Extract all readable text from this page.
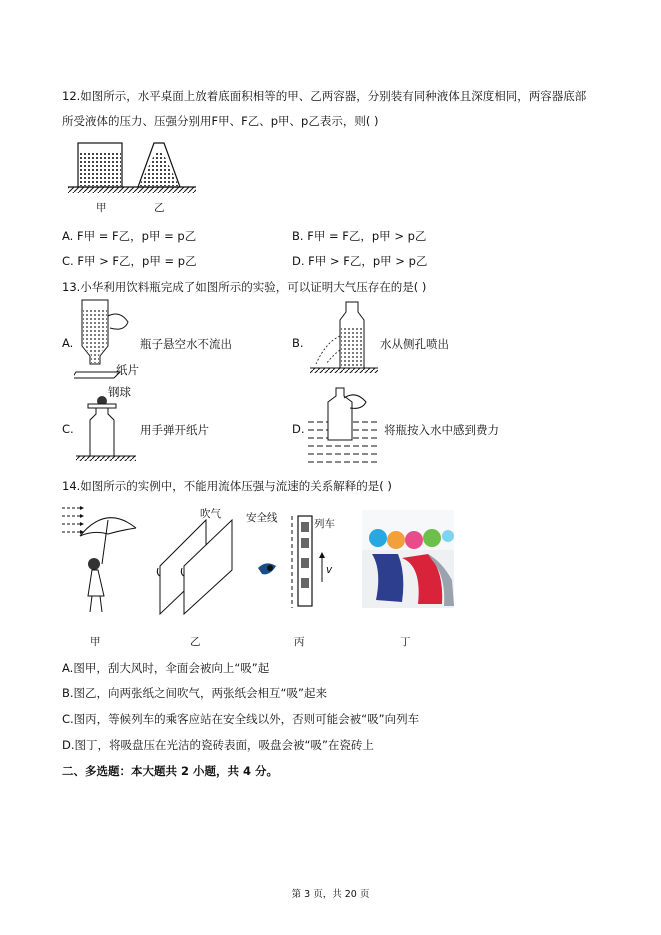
12.如图所示，水平桌面上放着底面积相等的甲、乙两容器，分别装有同种液体且深度相同，两容器底部
所受液体的压力、压强分别用F甲、F乙、p甲、p乙表示，则( )
甲	乙
A. F甲 = F乙，p甲 = p乙	B. F甲 = F乙，p甲 > p乙
C. F甲 > F乙，p甲 = p乙	D. F甲 > F乙，p甲 > p乙
13.小华利用饮料瓶完成了如图所示的实验，可以证明大气压存在的是( )
A.
纸片
瓶子悬空水不流出	B.	水从侧孔喷出
C.
钢球
用手弹开纸片	D.	将瓶按入水中感到费力
14.如图所示的实例中，不能用流体压强与流速的关系解释的是( )
吹气 安全线	列车
v
甲	乙	丙	丁
A.图甲，刮大风时，伞面会被向上“吸”起
B.图乙，向两张纸之间吹气，两张纸会相互“吸”起来
C.图丙，等候列车的乘客应站在安全线以外，否则可能会被“吸”向列车
D.图丁，将吸盘压在光洁的瓷砖表面，吸盘会被“吸”在瓷砖上
二、多选题：本大题共 2 小题，共 4 分。
第 3 页，共 20 页
